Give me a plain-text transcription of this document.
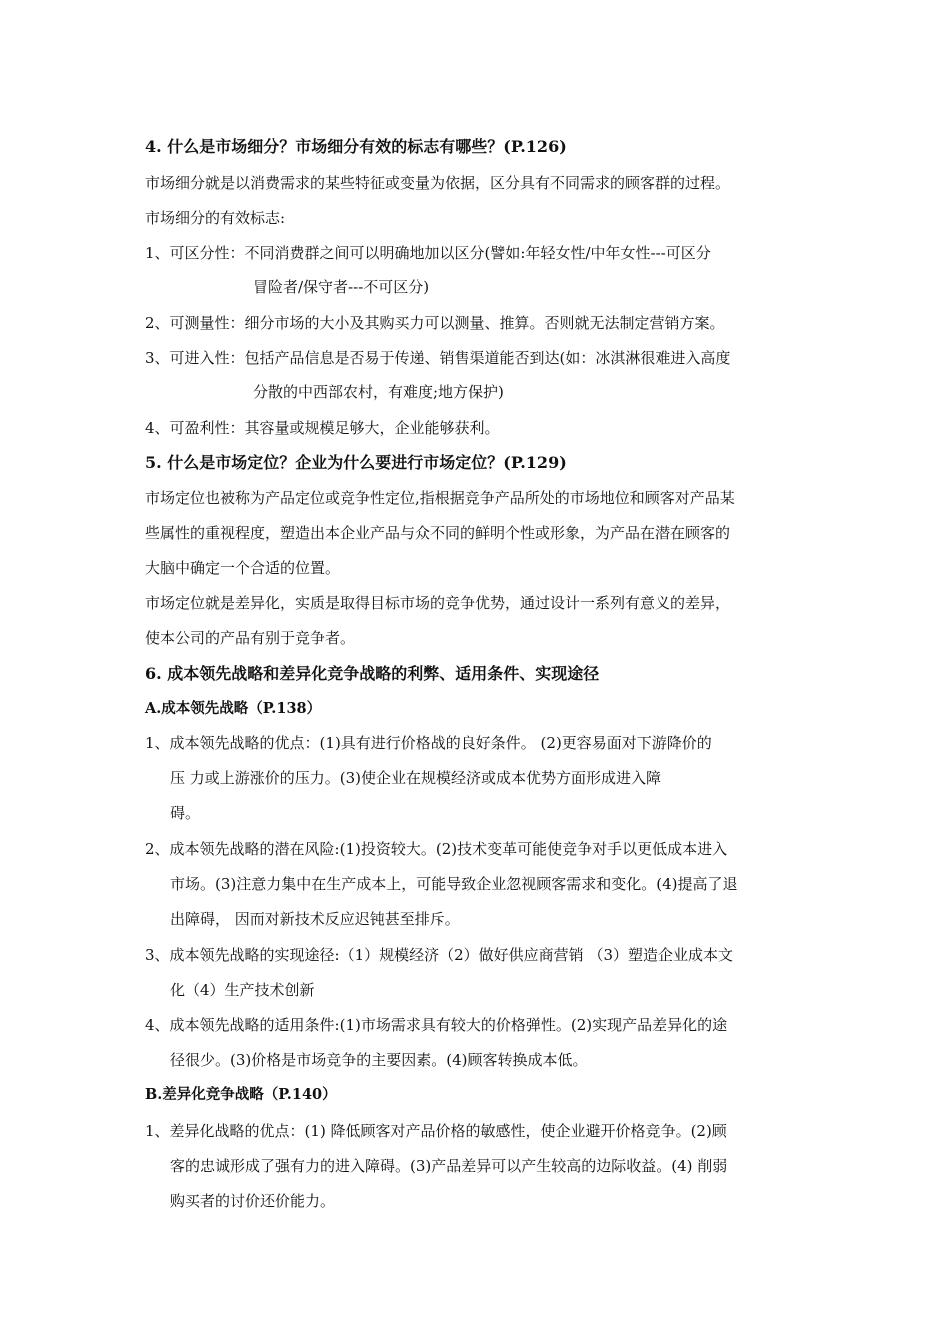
4. 什么是市场细分？市场细分有效的标志有哪些？(P.126)
市场细分就是以消费需求的某些特征或变量为依据，区分具有不同需求的顾客群的过程。
市场细分的有效标志:
1、可区分性：不同消费群之间可以明确地加以区分(譬如:年轻女性/中年女性---可区分
冒险者/保守者---不可区分)
2、可测量性：细分市场的大小及其购买力可以测量、推算。否则就无法制定营销方案。
3、可进入性：包括产品信息是否易于传递、销售渠道能否到达(如：冰淇淋很难进入高度
分散的中西部农村，有难度;地方保护)
4、可盈利性：其容量或规模足够大，企业能够获利。
5. 什么是市场定位？企业为什么要进行市场定位？(P.129)
市场定位也被称为产品定位或竞争性定位,指根据竞争产品所处的市场地位和顾客对产品某
些属性的重视程度，塑造出本企业产品与众不同的鲜明个性或形象，为产品在潜在顾客的
大脑中确定一个合适的位置。
市场定位就是差异化，实质是取得目标市场的竞争优势，通过设计一系列有意义的差异，
使本公司的产品有别于竞争者。
6. 成本领先战略和差异化竞争战略的利弊、适用条件、实现途径
A.成本领先战略（P.138）
1、成本领先战略的优点：(1)具有进行价格战的良好条件。 (2)更容易面对下游降价的
压 力或上游涨价的压力。(3)使企业在规模经济或成本优势方面形成进入障
碍。
2、成本领先战略的潜在风险:(1)投资较大。(2)技术变革可能使竞争对手以更低成本进入
市场。(3)注意力集中在生产成本上，可能导致企业忽视顾客需求和变化。(4)提高了退
出障碍， 因而对新技术反应迟钝甚至排斥。
3、成本领先战略的实现途径:（1）规模经济（2）做好供应商营销 （3）塑造企业成本文
化（4）生产技术创新
4、成本领先战略的适用条件:(1)市场需求具有较大的价格弹性。(2)实现产品差异化的途
径很少。(3)价格是市场竞争的主要因素。(4)顾客转换成本低。
B.差异化竞争战略（P.140）
1、差异化战略的优点：(1) 降低顾客对产品价格的敏感性，使企业避开价格竞争。(2)顾
客的忠诚形成了强有力的进入障碍。(3)产品差异可以产生较高的边际收益。(4) 削弱
购买者的讨价还价能力。
